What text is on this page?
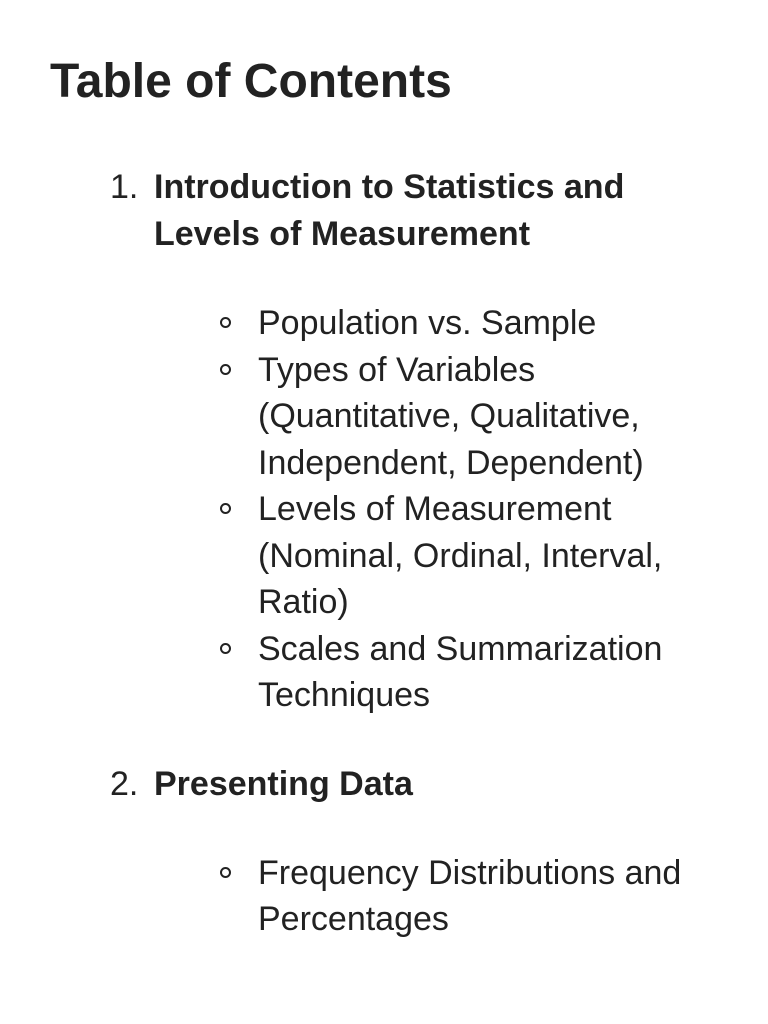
Table of Contents
1. Introduction to Statistics and Levels of Measurement
Population vs. Sample
Types of Variables (Quantitative, Qualitative, Independent, Dependent)
Levels of Measurement (Nominal, Ordinal, Interval, Ratio)
Scales and Summarization Techniques
2. Presenting Data
Frequency Distributions and Percentages
